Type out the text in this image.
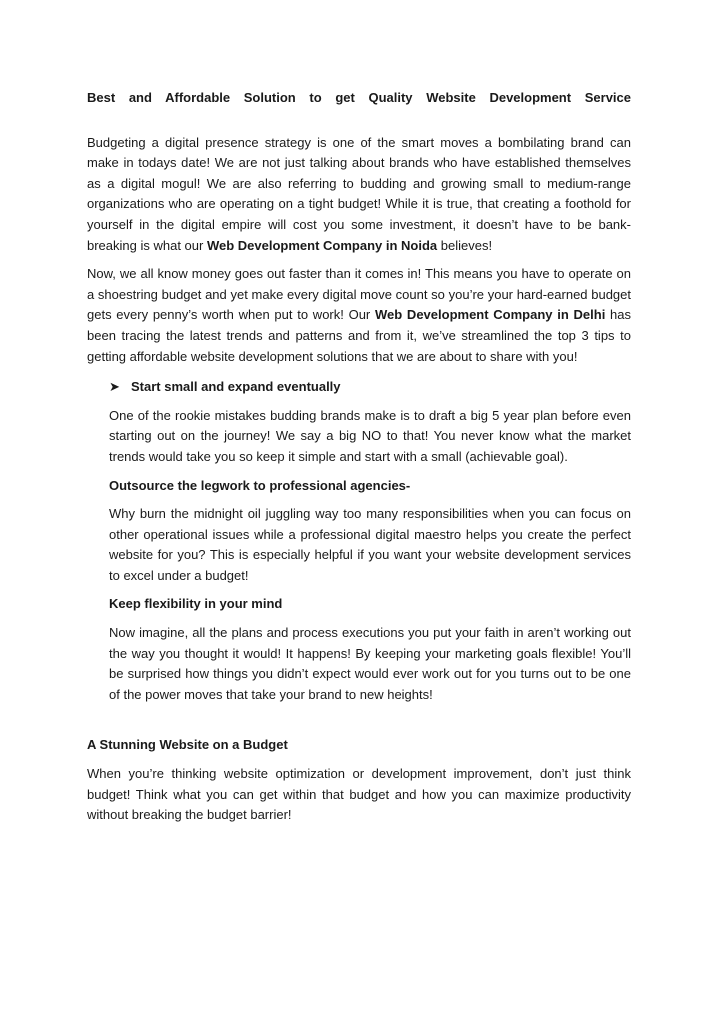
Best and Affordable Solution to get Quality Website Development Service

Budgeting a digital presence strategy is one of the smart moves a bombilating brand can make in todays date! We are not just talking about brands who have established themselves as a digital mogul! We are also referring to budding and growing small to medium-range organizations who are operating on a tight budget! While it is true, that creating a foothold for yourself in the digital empire will cost you some investment, it doesn’t have to be bank-breaking is what our Web Development Company in Noida believes!

Now, we all know money goes out faster than it comes in! This means you have to operate on a shoestring budget and yet make every digital move count so you’re your hard-earned budget gets every penny’s worth when put to work! Our Web Development Company in Delhi has been tracing the latest trends and patterns and from it, we’ve streamlined the top 3 tips to getting affordable website development solutions that we are about to share with you!

➤ Start small and expand eventually

One of the rookie mistakes budding brands make is to draft a big 5 year plan before even starting out on the journey! We say a big NO to that! You never know what the market trends would take you so keep it simple and start with a small (achievable goal).

Outsource the legwork to professional agencies-

Why burn the midnight oil juggling way too many responsibilities when you can focus on other operational issues while a professional digital maestro helps you create the perfect website for you? This is especially helpful if you want your website development services to excel under a budget!

Keep flexibility in your mind

Now imagine, all the plans and process executions you put your faith in aren’t working out the way you thought it would! It happens! By keeping your marketing goals flexible! You’ll be surprised how things you didn’t expect would ever work out for you turns out to be one of the power moves that take your brand to new heights!

A Stunning Website on a Budget

When you’re thinking website optimization or development improvement, don’t just think budget! Think what you can get within that budget and how you can maximize productivity without breaking the budget barrier!
